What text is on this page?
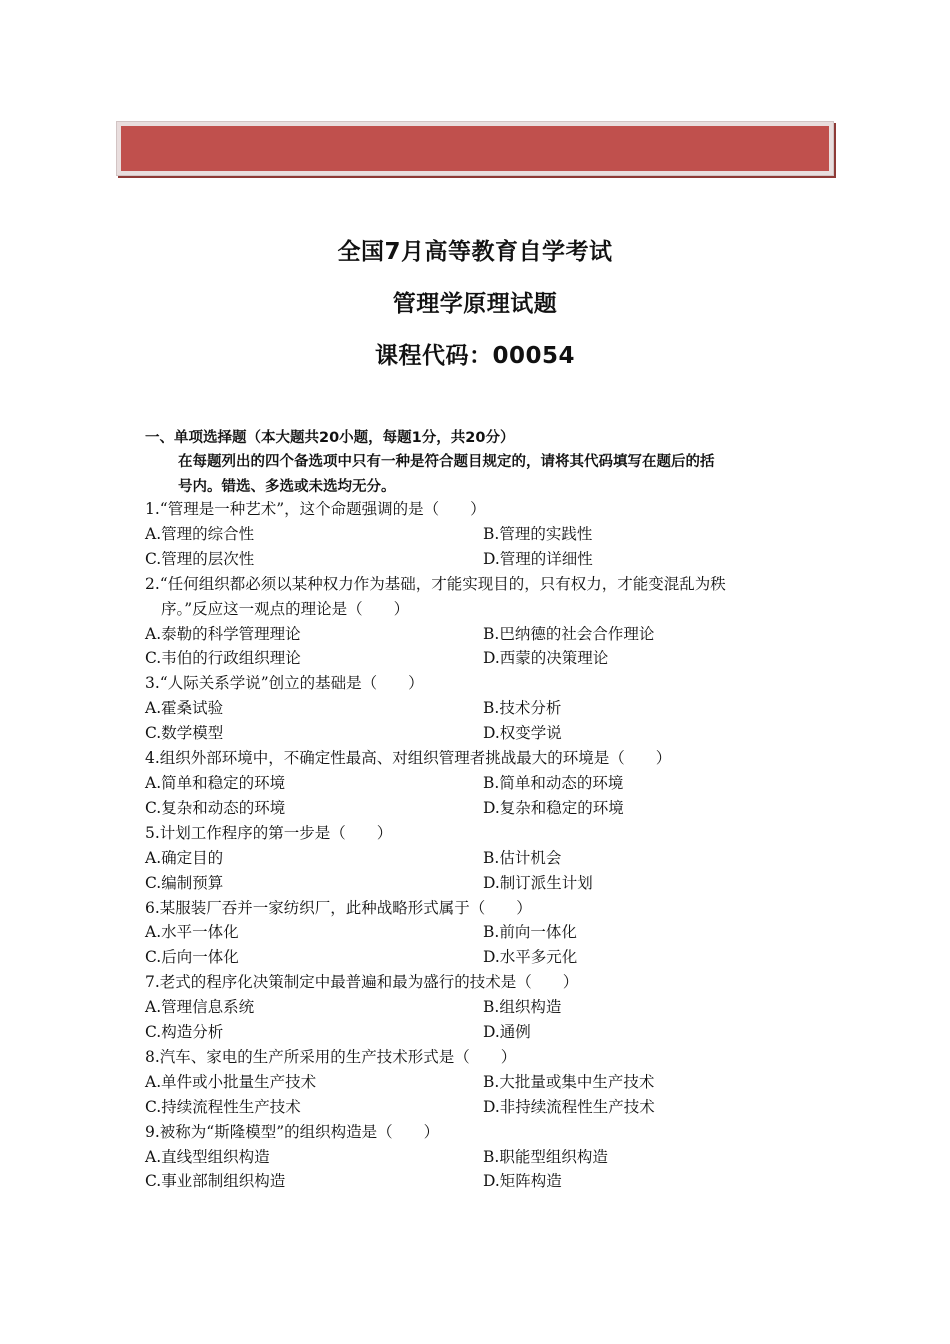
全国7月高等教育自学考试
管理学原理试题
课程代码：00054
一、单项选择题（本大题共20小题，每题1分，共20分）
在每题列出的四个备选项中只有一种是符合题目规定的，请将其代码填写在题后的括
号内。错选、多选或未选均无分。
1.“管理是一种艺术”，这个命题强调的是（　　）
A.管理的综合性	B.管理的实践性
C.管理的层次性	D.管理的详细性
2.“任何组织都必须以某种权力作为基础，才能实现目的，只有权力，才能变混乱为秩
序。”反应这一观点的理论是（　　）
A.泰勒的科学管理理论	B.巴纳德的社会合作理论
C.韦伯的行政组织理论	D.西蒙的决策理论
3.“人际关系学说”创立的基础是（　　）
A.霍桑试验	B.技术分析
C.数学模型	D.权变学说
4.组织外部环境中，不确定性最高、对组织管理者挑战最大的环境是（　　）
A.简单和稳定的环境	B.简单和动态的环境
C.复杂和动态的环境	D.复杂和稳定的环境
5.计划工作程序的第一步是（　　）
A.确定目的	B.估计机会
C.编制预算	D.制订派生计划
6.某服装厂吞并一家纺织厂，此种战略形式属于（　　）
A.水平一体化	B.前向一体化
C.后向一体化	D.水平多元化
7.老式的程序化决策制定中最普遍和最为盛行的技术是（　　）
A.管理信息系统	B.组织构造
C.构造分析	D.通例
8.汽车、家电的生产所采用的生产技术形式是（　　）
A.单件或小批量生产技术	B.大批量或集中生产技术
C.持续流程性生产技术	D.非持续流程性生产技术
9.被称为“斯隆模型”的组织构造是（　　）
A.直线型组织构造	B.职能型组织构造
C.事业部制组织构造	D.矩阵构造
